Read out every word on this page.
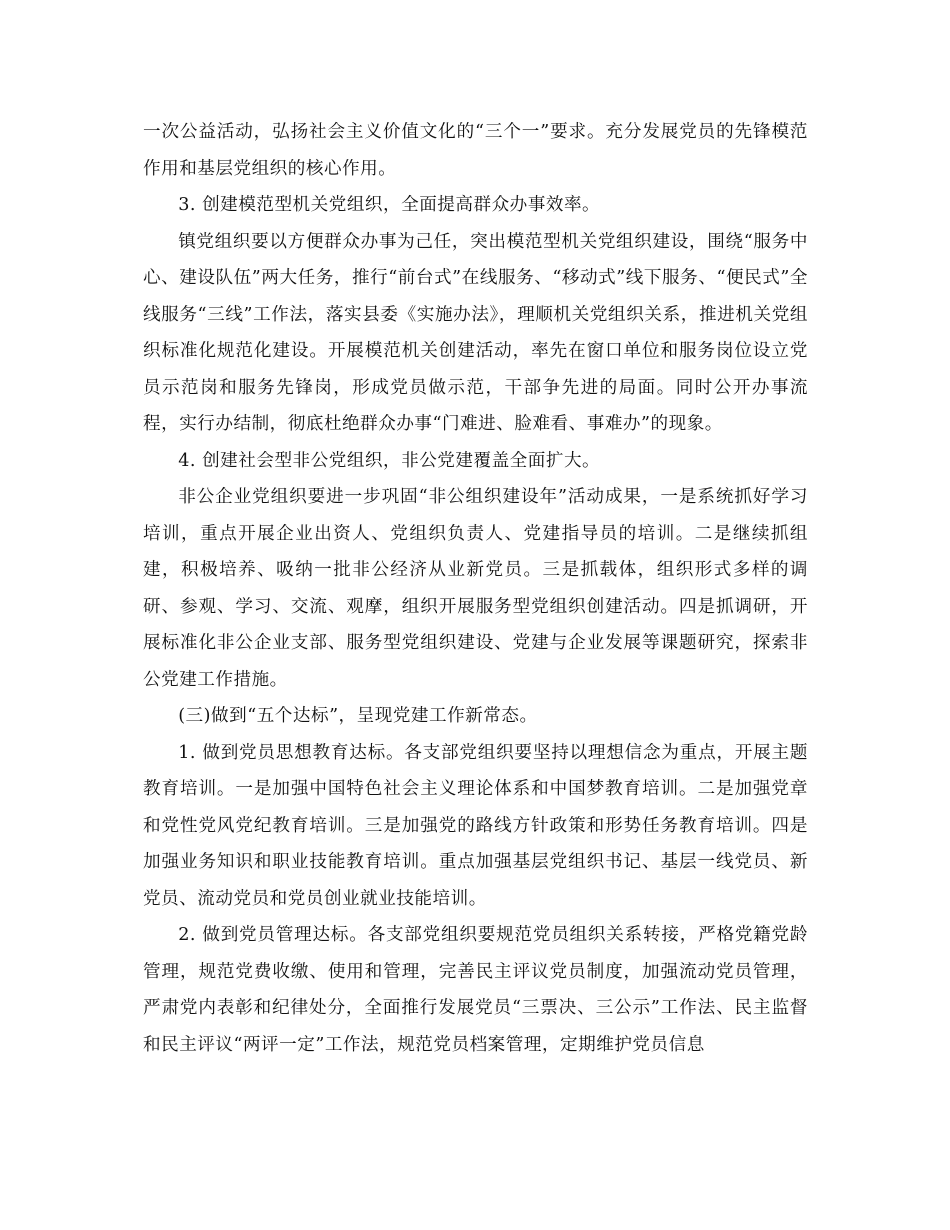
一次公益活动，弘扬社会主义价值文化的“三个一”要求。充分发展党员的先锋模范作用和基层党组织的核心作用。

3. 创建模范型机关党组织，全面提高群众办事效率。

镇党组织要以方便群众办事为己任，突出模范型机关党组织建设，围绕“服务中心、建设队伍”两大任务，推行“前台式”在线服务、“移动式”线下服务、“便民式”全线服务“三线”工作法，落实县委《实施办法》，理顺机关党组织关系，推进机关党组织标准化规范化建设。开展模范机关创建活动，率先在窗口单位和服务岗位设立党员示范岗和服务先锋岗，形成党员做示范，干部争先进的局面。同时公开办事流程，实行办结制，彻底杜绝群众办事“门难进、脸难看、事难办”的现象。

4. 创建社会型非公党组织，非公党建覆盖全面扩大。

非公企业党组织要进一步巩固“非公组织建设年”活动成果，一是系统抓好学习培训，重点开展企业出资人、党组织负责人、党建指导员的培训。二是继续抓组建，积极培养、吸纳一批非公经济从业新党员。三是抓载体，组织形式多样的调研、参观、学习、交流、观摩，组织开展服务型党组织创建活动。四是抓调研，开展标准化非公企业支部、服务型党组织建设、党建与企业发展等课题研究，探索非公党建工作措施。

(三)做到“五个达标”，呈现党建工作新常态。

1. 做到党员思想教育达标。各支部党组织要坚持以理想信念为重点，开展主题教育培训。一是加强中国特色社会主义理论体系和中国梦教育培训。二是加强党章和党性党风党纪教育培训。三是加强党的路线方针政策和形势任务教育培训。四是加强业务知识和职业技能教育培训。重点加强基层党组织书记、基层一线党员、新党员、流动党员和党员创业就业技能培训。

2. 做到党员管理达标。各支部党组织要规范党员组织关系转接，严格党籍党龄管理，规范党费收缴、使用和管理，完善民主评议党员制度，加强流动党员管理，严肃党内表彰和纪律处分，全面推行发展党员“三票决、三公示”工作法、民主监督和民主评议“两评一定”工作法，规范党员档案管理，定期维护党员信息
